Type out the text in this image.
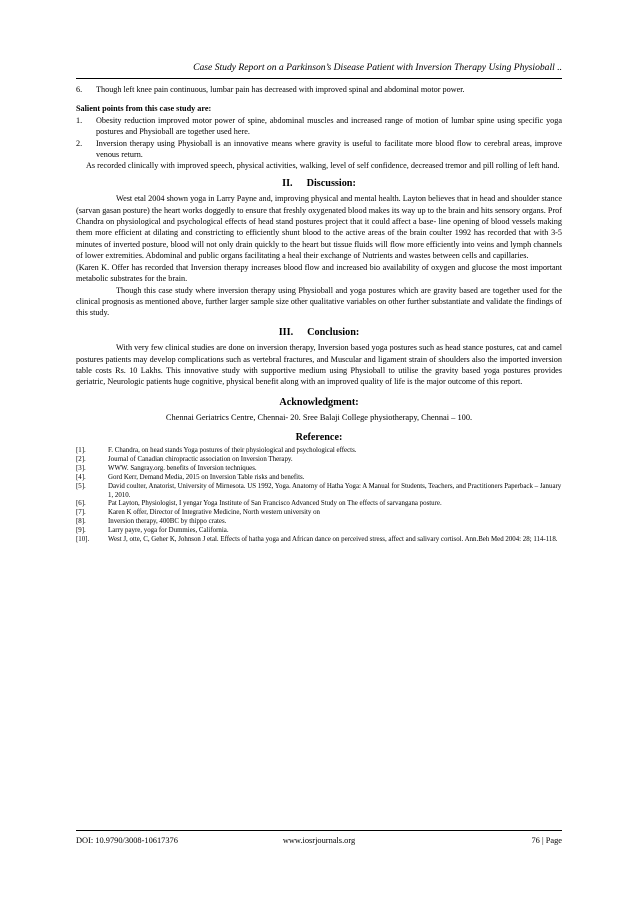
Case Study Report on a Parkinson’s Disease Patient with Inversion Therapy Using Physioball ..
6.	Though left knee pain continuous, lumbar pain has decreased with improved spinal and abdominal motor power.
Salient points from this case study are:
1.	Obesity reduction improved motor power of spine, abdominal muscles and increased range of motion of lumbar spine using specific yoga postures and Physioball are together used here.
2.	Inversion therapy using Physioball is an innovative means where gravity is useful to facilitate more blood flow to cerebral areas, improve venous return.
As recorded clinically with improved speech, physical activities, walking, level of self confidence, decreased tremor and pill rolling of left hand.
II. Discussion:
West etal 2004 shown yoga in Larry Payne and, improving physical and mental health. Layton believes that in head and shoulder stance (sarvan gasan posture) the heart works doggedly to ensure that freshly oxygenated blood makes its way up to the brain and hits sensory organs. Prof Chandra on physiological and psychological effects of head stand postures project that it could affect a base- line opening of blood vessels making them more efficient at dilating and constricting to efficiently shunt blood to the active areas of the brain coulter 1992 has recorded that with 3-5 minutes of inverted posture, blood will not only drain quickly to the heart but tissue fluids will flow more efficiently into veins and lymph channels of lower extremities. Abdominal and public organs facilitating a heal their exchange of Nutrients and wastes between cells and capillaries.
(Karen K. Offer has recorded that Inversion therapy increases blood flow and increased bio availability of oxygen and glucose the most important metabolic substrates for the brain.
Though this case study where inversion therapy using Physioball and yoga postures which are gravity based are together used for the clinical prognosis as mentioned above, further larger sample size other qualitative variables on other further substantiate and validate the findings of this study.
III. Conclusion:
With very few clinical studies are done on inversion therapy, Inversion based yoga postures such as head stance postures, cat and camel postures patients may develop complications such as vertebral fractures, and Muscular and ligament strain of shoulders also the imported inversion table costs Rs. 10 Lakhs. This innovative study with supportive medium using Physioball to utilise the gravity based yoga postures provides geriatric, Neurologic patients huge cognitive, physical benefit along with an improved quality of life is the major outcome of this report.
Acknowledgment:
Chennai Geriatrics Centre, Chennai- 20. Sree Balaji College physiotherapy, Chennai – 100.
Reference:
[1].	F. Chandra, on head stands Yoga postures of their physiological and psychological effects.
[2].	Journal of Canadian chiropractic association on Inversion Therapy.
[3].	WWW. Sangray.org. benefits of Inversion techniques.
[4].	Gord Kerr, Demand Media, 2015 on Inversion Table risks and benefits.
[5].	David coulter, Anatorist, University of Mirnesota. US 1992, Yoga. Anatomy of Hatha Yoga: A Manual for Students, Teachers, and Practitioners Paperback – January 1, 2010.
[6].	Pat Layton, Physiologist, I yengar Yoga Institute of San Francisco Advanced Study on The effects of sarvangana posture.
[7].	Karen K offer, Director of Integrative Medicine, North western university on
[8].	Inversion therapy, 400BC by thippo crates.
[9].	Larry payre, yoga for Dummies, California.
[10].	West J, otte, C, Geher K, Johnson J etal. Effects of hatha yoga and African dance on perceived stress, affect and salivary cortisol. Ann.Beh Med 2004: 28; 114-118.
DOI: 10.9790/3008-10617376	www.iosrjournals.org	76 | Page
